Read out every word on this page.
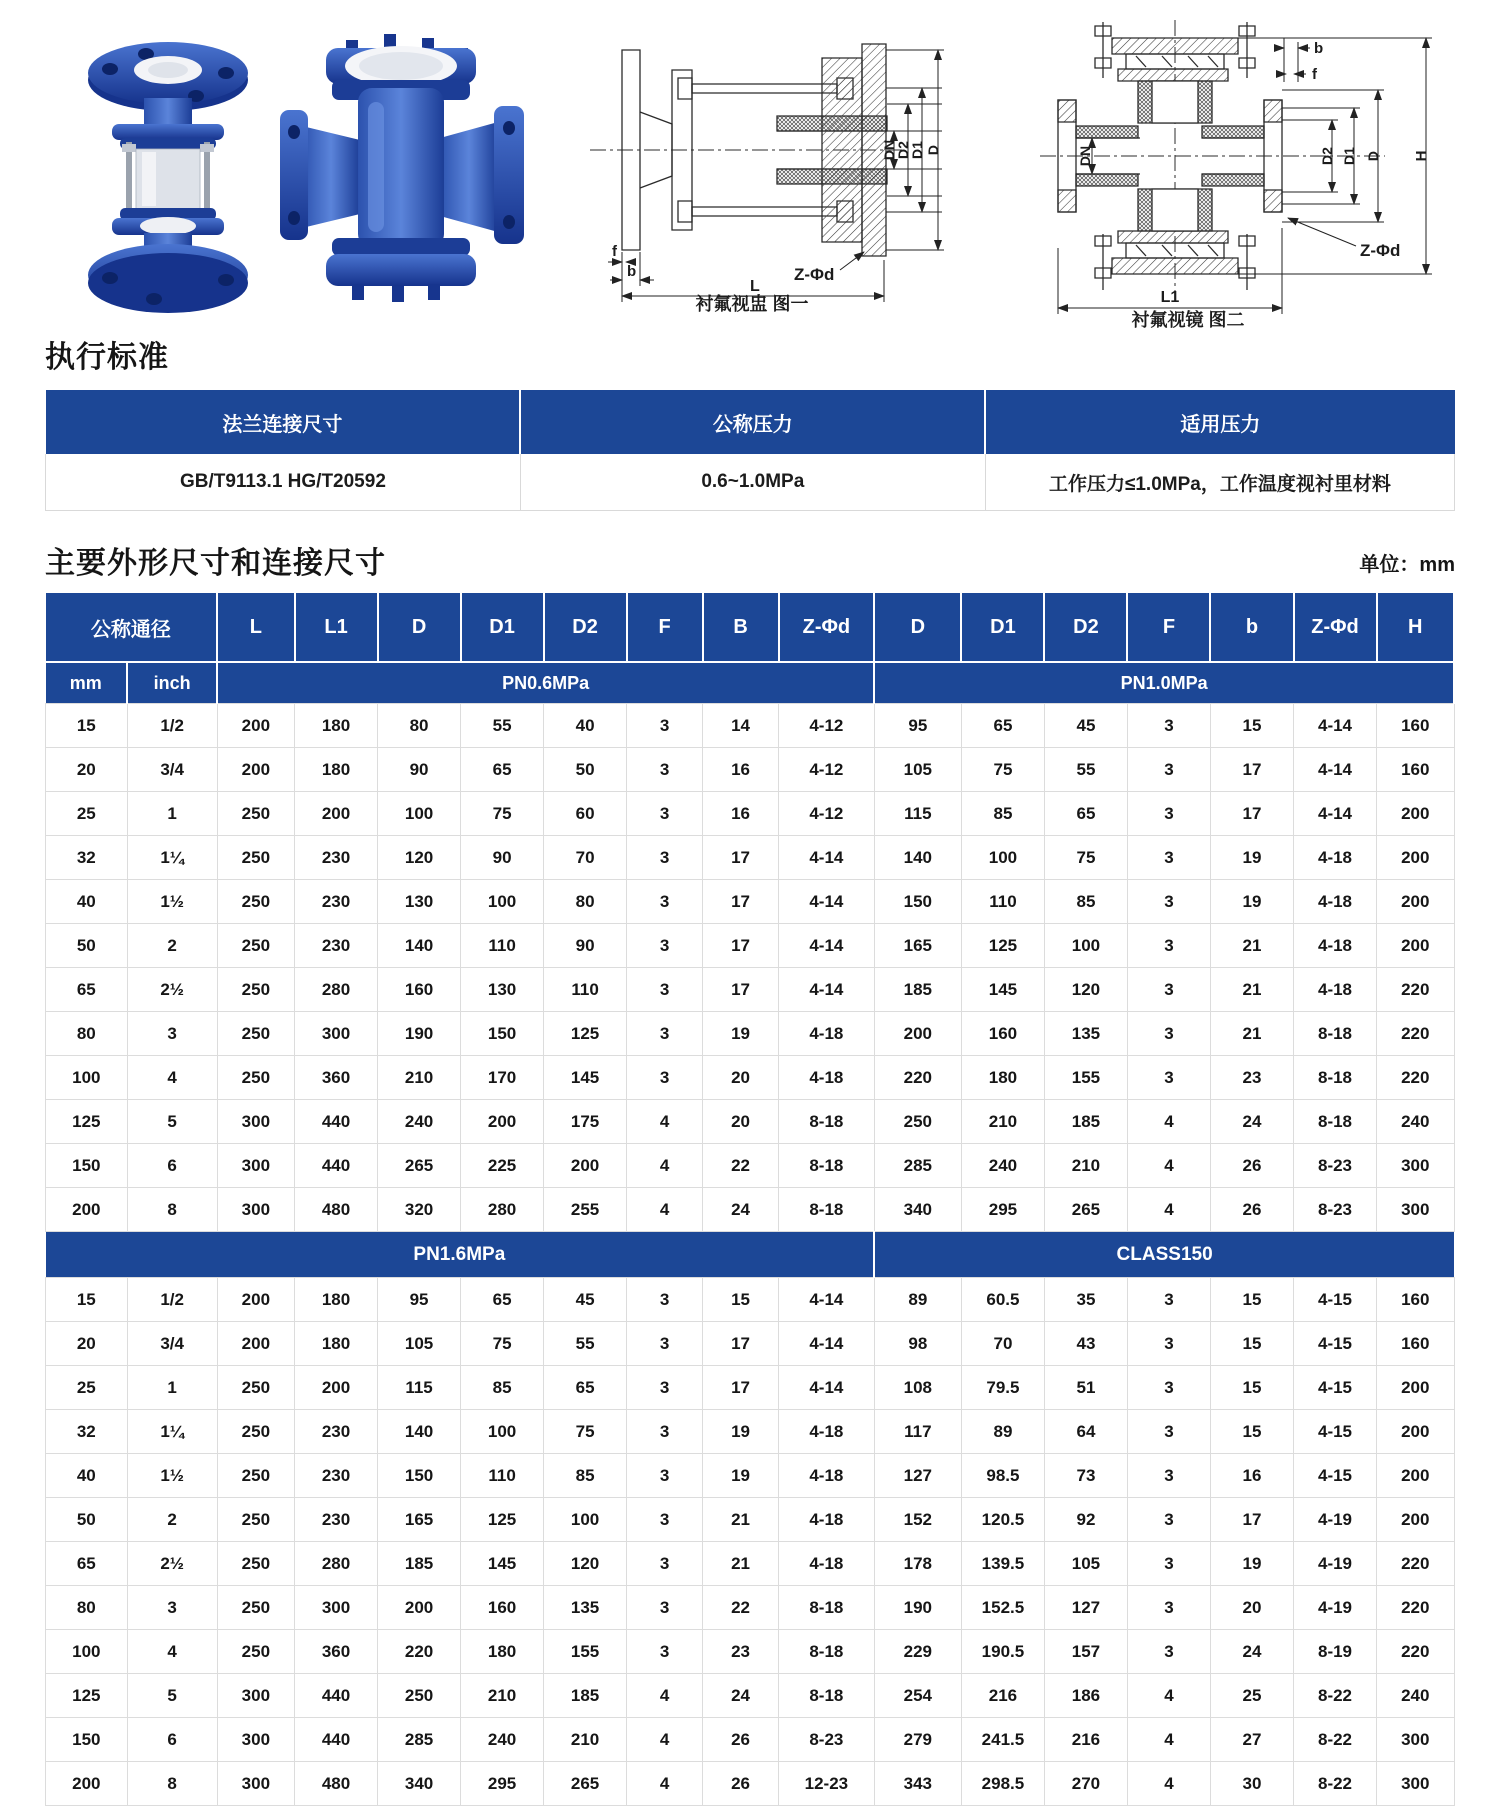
f
b
L
Z-Φd
DN
D2
D1 D
衬氟视盅 图一
b
f
DN	D2 D1 D H
Z-Φd
L1
衬氟视镜 图二
执行标准
法兰连接尺寸	公称压力	适用压力
GB/T9113.1 HG/T20592	0.6~1.0MPa	工作压力≤1.0MPa，工作温度视衬里材料
主要外形尺寸和连接尺寸	单位：mm
公称通径		L	L1	D	D1	D2	F	B	Z-Φd	D	D1	D2	F	b	Z-Φd	H
mm	inch	PN0.6MPa								PN1.0MPa						
15	1/2	200	180	80	55	40	3	14	4-12	95	65	45	3	15	4-14	160
20	3/4	200	180	90	65	50	3	16	4-12	105	75	55	3	17	4-14	160
25	1	250	200	100	75	60	3	16	4-12	115	85	65	3	17	4-14	200
32	1¼	250	230	120	90	70	3	17	4-14	140	100	75	3	19	4-18	200
40	1½	250	230	130	100	80	3	17	4-14	150	110	85	3	19	4-18	200
50	2	250	230	140	110	90	3	17	4-14	165	125	100	3	21	4-18	200
65	2½	250	280	160	130	110	3	17	4-14	185	145	120	3	21	4-18	220
80	3	250	300	190	150	125	3	19	4-18	200	160	135	3	21	8-18	220
100	4	250	360	210	170	145	3	20	4-18	220	180	155	3	23	8-18	220
125	5	300	440	240	200	175	4	20	8-18	250	210	185	4	24	8-18	240
150	6	300	440	265	225	200	4	22	8-18	285	240	210	4	26	8-23	300
200	8	300	480	320	280	255	4	24	8-18	340	295	265	4	26	8-23	300
PN1.6MPa										CLASS150						
15	1/2	200	180	95	65	45	3	15	4-14	89	60.5	35	3	15	4-15	160
20	3/4	200	180	105	75	55	3	17	4-14	98	70	43	3	15	4-15	160
25	1	250	200	115	85	65	3	17	4-14	108	79.5	51	3	15	4-15	200
32	1¼	250	230	140	100	75	3	19	4-18	117	89	64	3	15	4-15	200
40	1½	250	230	150	110	85	3	19	4-18	127	98.5	73	3	16	4-15	200
50	2	250	230	165	125	100	3	21	4-18	152	120.5	92	3	17	4-19	200
65	2½	250	280	185	145	120	3	21	4-18	178	139.5	105	3	19	4-19	220
80	3	250	300	200	160	135	3	22	8-18	190	152.5	127	3	20	4-19	220
100	4	250	360	220	180	155	3	23	8-18	229	190.5	157	3	24	8-19	220
125	5	300	440	250	210	185	4	24	8-18	254	216	186	4	25	8-22	240
150	6	300	440	285	240	210	4	26	8-23	279	241.5	216	4	27	8-22	300
200	8	300	480	340	295	265	4	26	12-23	343	298.5	270	4	30	8-22	300
